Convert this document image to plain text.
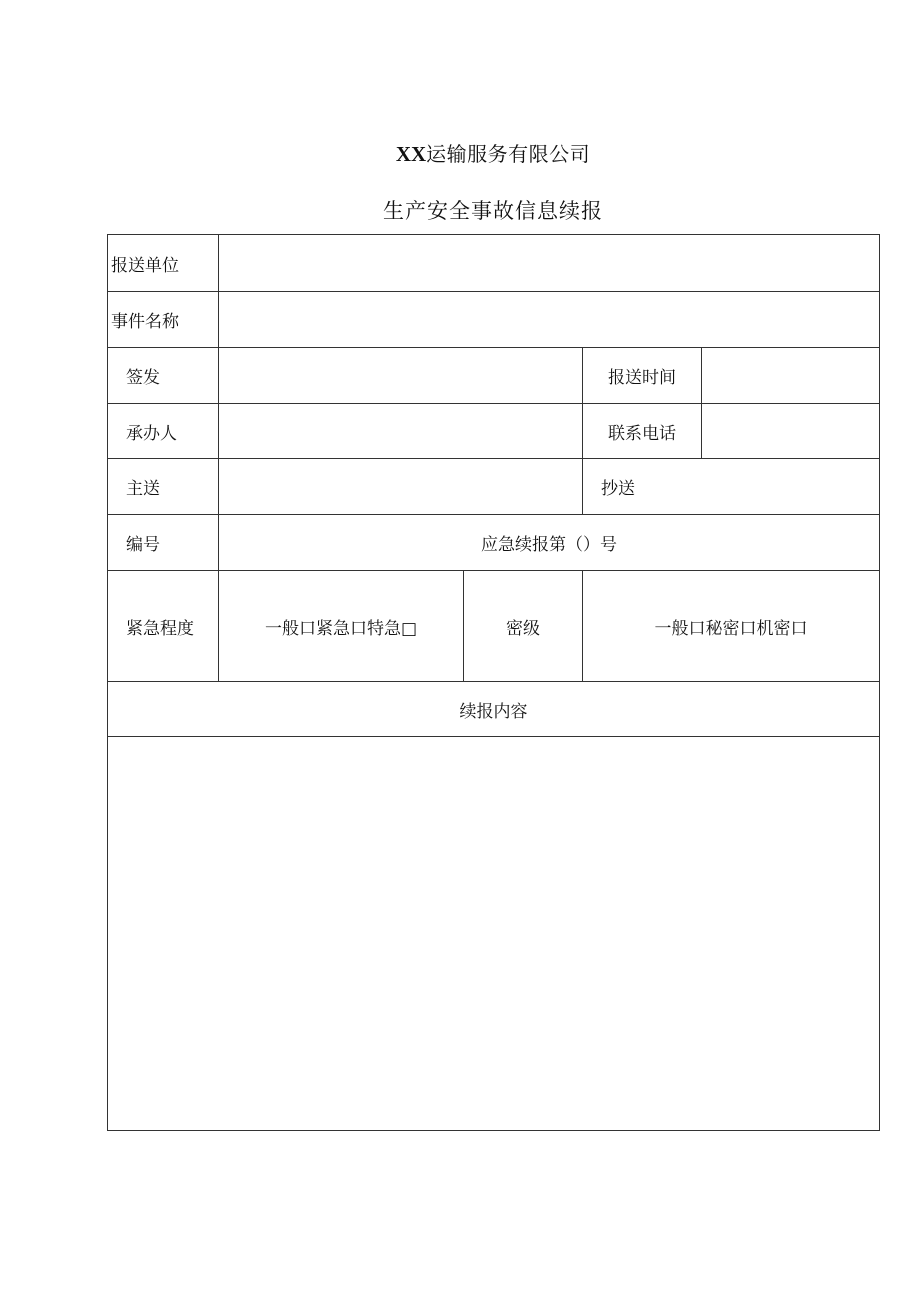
XX运输服务有限公司
生产安全事故信息续报
报送单位				
事件名称				
签发			报送时间	
承办人			联系电话	
主送			抄送	
编号	应急续报第（）号			
紧急程度	一般口紧急口特急□	密级	一般口秘密口机密口	
续报内容				
